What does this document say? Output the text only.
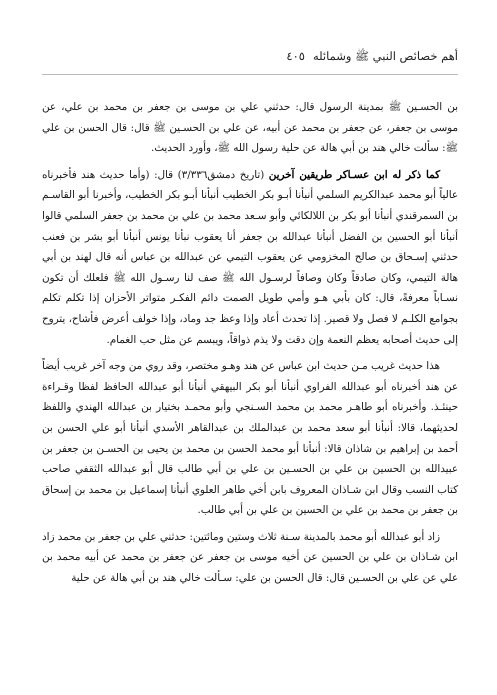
أهم خصائص النبي ﷺ وشمائله
٤٠٥

بن الحسـين ﷺ بمدينة الرسول قال: حدثني علي بن موسى بن جعفر بن محمد بن علي، عن موسى بن جعفر، عن جعفر بن محمد عن أبيه، عن علي بن الحسـين ﷺ قال: قال الحسن بن علي ﷺ: سألت خالي هند بن أبي هالة عن حلية رسول الله ﷺ، وأورد الحديث.

كما ذكر له ابن عسـاكر طريقين آخرين (تاريخ دمشق٣/٣٣٦) قال: (وأما حديث هند فأخبرناه عالياً أبو محمد عبدالكريم السلمي أنبأنا أبـو بكر الخطيب أنبأنا أبـو بكر الخطيب، وأخبرنا أبو القاسـم بن السمرقندي أنبأنا أبو بكر بن اللالكائي وأبو سـعد محمد بن علي بن محمد بن جعفر السلمي قالوا أنبأنا أبو الحسين بن الفضل أنبأنا عبدالله بن جعفر أنا يعقوب نبأنا يونس أنبأنا أبو بشر بن فعنب حدثني إسـحاق بن صالح المخزومي عن يعقوب التيمي عن عبدالله بن عباس أنه قال لهند بن أبي هالة التيمي، وكان صادقاً وكان وصافاً لرسـول الله ﷺ صف لنا رسـول الله ﷺ فلعلك أن تكون نسـاباً معرفةً، قال: كان بأبي هـو وأمي طويل الصمت دائم الفكـر متواتر الأحزان إذا تكلم تكلم بجوامع الكلـم لا فصل ولا قصير. إذا تحدث أعاد وإذا وعظ جد وماد، وإذا خولف أعرض فأشاح، يتروح إلى حديث أصحابه يعظم النعمة وإن دقت ولا يذم ذواقاً، ويبسم عن مثل حب الغمام.

هذا حديث غريب مـن حديث ابن عباس عن هند وهـو مختصر، وقد روي من وجه آخر غريب أيضاً عن هند أخبرناه أبو عبدالله الفراوي أنبأنا أبو بكر البيهقي أنبأنا أبو عبدالله الحافظ لفظا وقـراءة حينئـذ. وأخبرناه أبو طاهـر محمد بن محمد السـنجي وأبو محمـد بختيار بن عبدالله الهندي واللفظ لحديثهما، قالا: أنبأنا أبو سعد محمد بن عبدالملك بن عبدالقاهر الأسدي أنبأنا أبو علي الحسن بن أحمد بن إبراهيم بن شاذان قالا: أنبأنا أبو محمد الحسن بن محمد بن يحيى بن الحسـن بن جعفر بن عبيدالله بن الحسين بن علي بن الحسـين بن علي بن أبي طالب قال أبو عبدالله الثقفي صاحب كتاب النسب وقال ابن شـاذان المعروف بابن أخي طاهر العلوي أنبأنا إسماعيل بن محمد بن إسحاق بن جعفر بن محمد بن علي بن الحسين بن علي بن أبي طالب.

زاد أبو عبدالله أبو محمد بالمدينة سـنة ثلاث وستين ومائتين: حدثني علي بن جعفر بن محمد زاد ابن شـاذان بن علي بن الحسين عن أخيه موسى بن جعفر عن جعفر بن محمد عن أبيه محمد بن علي عن علي بن الحسـين قال: قال الحسن بن علي: سـألت خالي هند بن أبي هالة عن حلية
